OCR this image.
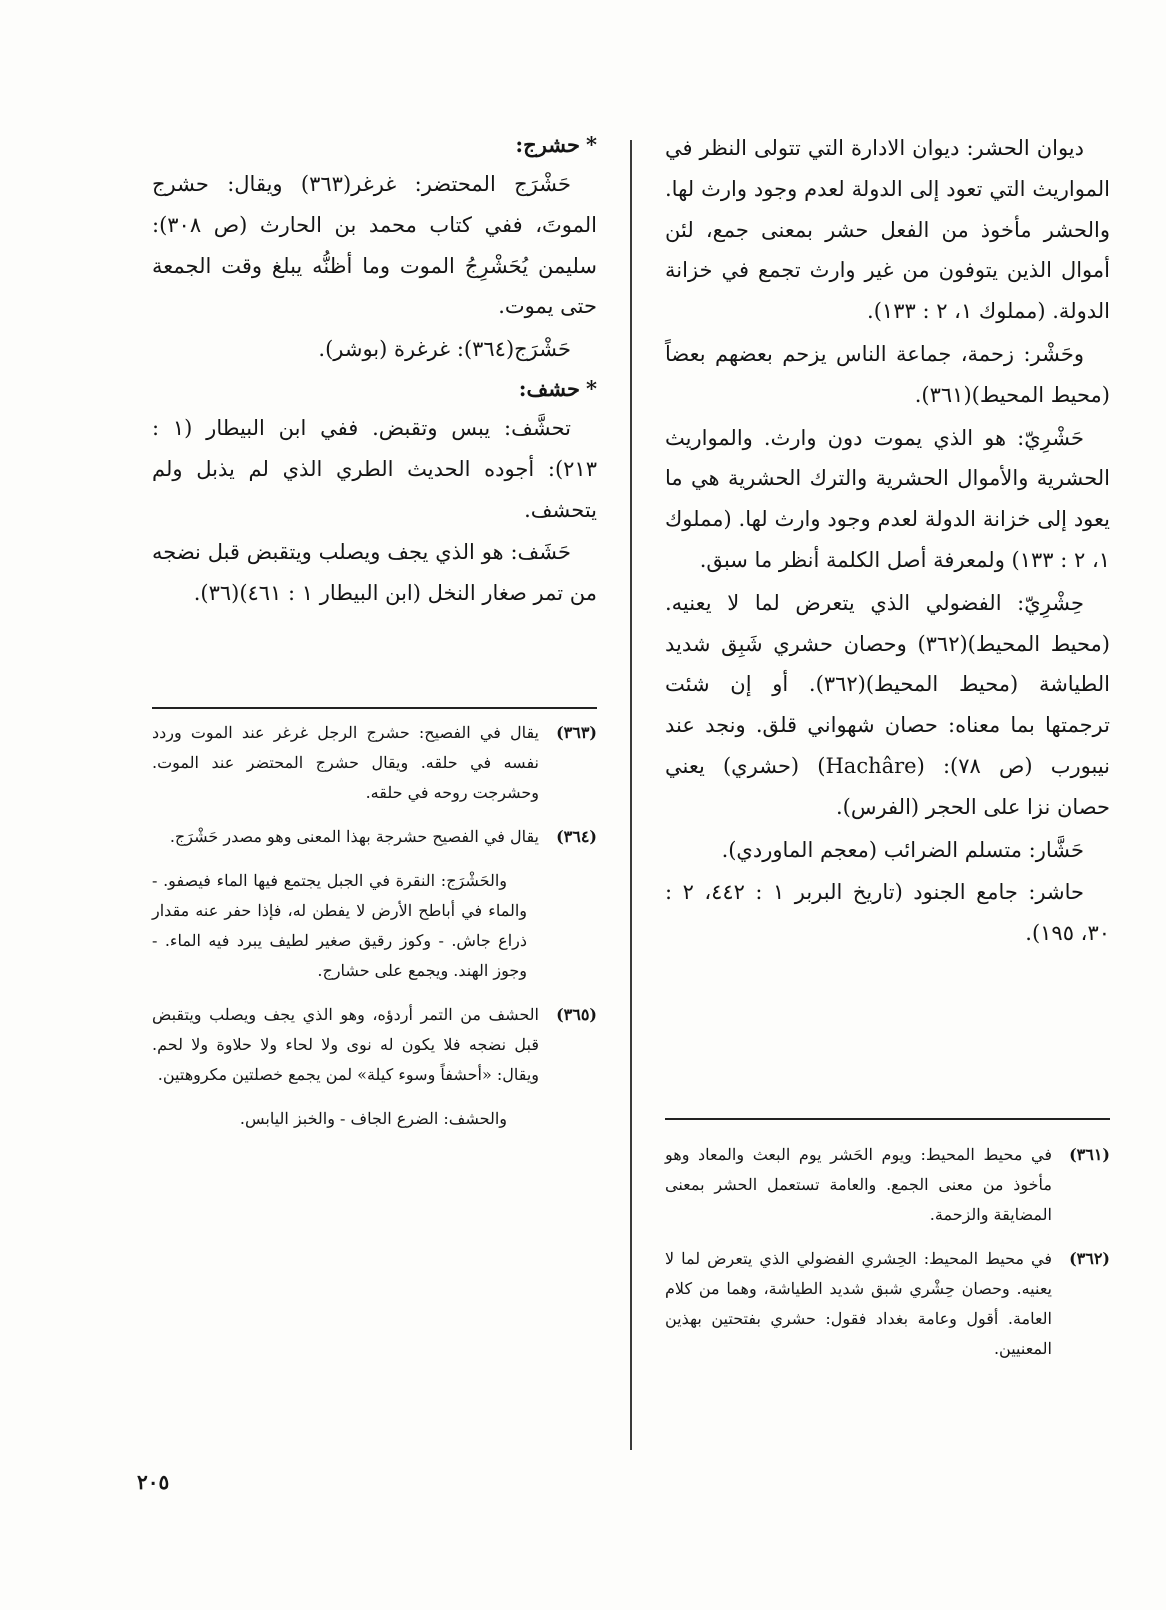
ديوان الحشر: ديوان الادارة التي تتولى النظر في المواريث التي تعود إلى الدولة لعدم وجود وارث لها. والحشر مأخوذ من الفعل حشر بمعنى جمع، لئن أموال الذين يتوفون من غير وارث تجمع في خزانة الدولة. (مملوك ١، ٢ : ١٣٣).

وحَشْر: زحمة، جماعة الناس يزحم بعضهم بعضاً (محيط المحيط)(٣٦١).

حَشْرِيّ: هو الذي يموت دون وارث. والمواريث الحشرية والأموال الحشرية والترك الحشرية هي ما يعود إلى خزانة الدولة لعدم وجود وارث لها. (مملوك ١، ٢ : ١٣٣) ولمعرفة أصل الكلمة أنظر ما سبق.

حِشْرِيّ: الفضولي الذي يتعرض لما لا يعنيه. (محيط المحيط)(٣٦٢) وحصان حشري شَبِق شديد الطياشة (محيط المحيط)(٣٦٢). أو إن شئت ترجمتها بما معناه: حصان شهواني قلق. ونجد عند نيبورب (ص ٧٨): (Hachâre) (حشري) يعني حصان نزا على الحجر (الفرس).

حَشَّار: متسلم الضرائب (معجم الماوردي).

حاشر: جامع الجنود (تاريخ البربر ١ : ٤٤٢، ٢ : ٣٠، ١٩٥).

*حشرج:

حَشْرَج المحتضر: غرغر(٣٦٣) ويقال: حشرج الموتَ، ففي كتاب محمد بن الحارث (ص ٣٠٨): سليمن يُحَشْرِجُ الموت وما أظنُّه يبلغ وقت الجمعة حتى يموت.

حَشْرَج(٣٦٤): غرغرة (بوشر).

*حشف:

تحشَّف: يبس وتقبض. ففي ابن البيطار (١ : ٢١٣): أجوده الحديث الطري الذي لم يذبل ولم يتحشف.

حَشَف: هو الذي يجف ويصلب ويتقبض قبل نضجه من تمر صغار النخل (ابن البيطار ١ : ٤٦١)(٣٦).

(٣٦١)
في محيط المحيط: ويوم الحَشر يوم البعث والمعاد وهو مأخوذ من معنى الجمع. والعامة تستعمل الحشر بمعنى المضايقة والزحمة.
(٣٦٢)
في محيط المحيط: الحِشري الفضولي الذي يتعرض لما لا يعنيه. وحصان حِشْري شبق شديد الطياشة، وهما من كلام العامة. أقول وعامة بغداد فقول: حشري بفتحتين بهذين المعنيين.
(٣٦٣)
يقال في الفصيح: حشرج الرجل غرغر عند الموت وردد نفسه في حلقه. ويقال حشرج المحتضر عند الموت. وحشرجت روحه في حلقه.
(٣٦٤)
يقال في الفصيح حشرجة بهذا المعنى وهو مصدر حَشْرَج.
والحَشْرَج: النقرة في الجبل يجتمع فيها الماء فيصفو. - والماء في أباطح الأرض لا يفطن له، فإذا حفر عنه مقدار ذراع جاش. - وكوز رقيق صغير لطيف يبرد فيه الماء. - وجوز الهند. ويجمع على حشارج.
(٣٦٥)
الحشف من التمر أردؤه، وهو الذي يجف ويصلب ويتقبض قبل نضجه فلا يكون له نوى ولا لحاء ولا حلاوة ولا لحم. ويقال: «أحشفاً وسوء كيلة» لمن يجمع خصلتين مكروهتين.
والحشف: الضرع الجاف - والخبز اليابس.
٢٠٥
